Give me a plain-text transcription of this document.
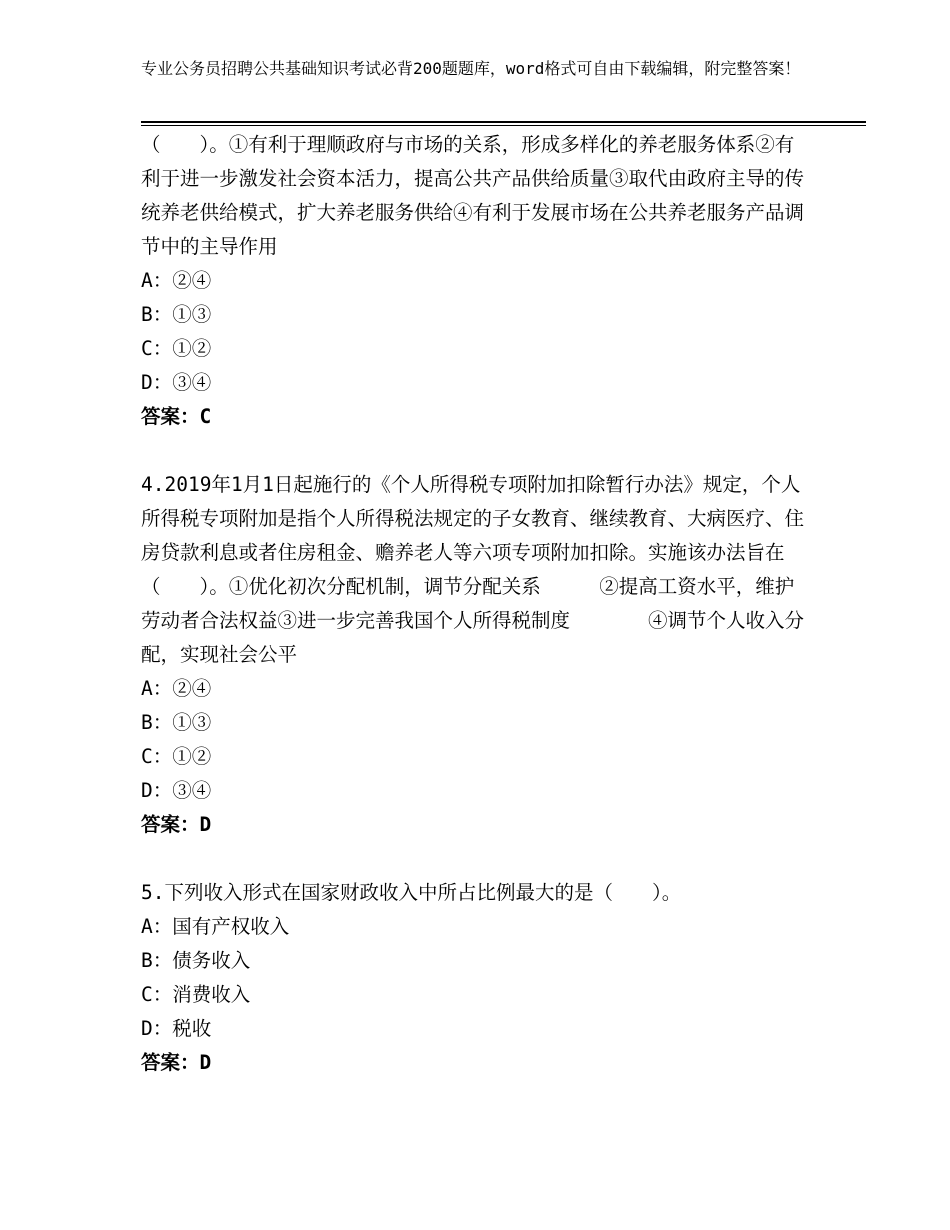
专业公务员招聘公共基础知识考试必背200题题库，word格式可自由下载编辑，附完整答案！

（　　）。①有利于理顺政府与市场的关系，形成多样化的养老服务体系②有利于进一步激发社会资本活力，提高公共产品供给质量③取代由政府主导的传统养老供给模式，扩大养老服务供给④有利于发展市场在公共养老服务产品调节中的主导作用

A：②④

B：①③

C：①②

D：③④

答案：C

4.2019年1月1日起施行的《个人所得税专项附加扣除暂行办法》规定，个人所得税专项附加是指个人所得税法规定的子女教育、继续教育、大病医疗、住房贷款利息或者住房租金、赡养老人等六项专项附加扣除。实施该办法旨在（　　）。①优化初次分配机制，调节分配关系　　　②提高工资水平，维护劳动者合法权益③进一步完善我国个人所得税制度　　　　④调节个人收入分配，实现社会公平

A：②④

B：①③

C：①②

D：③④

答案：D

5.下列收入形式在国家财政收入中所占比例最大的是（　　）。

A：国有产权收入

B：债务收入

C：消费收入

D：税收

答案：D
